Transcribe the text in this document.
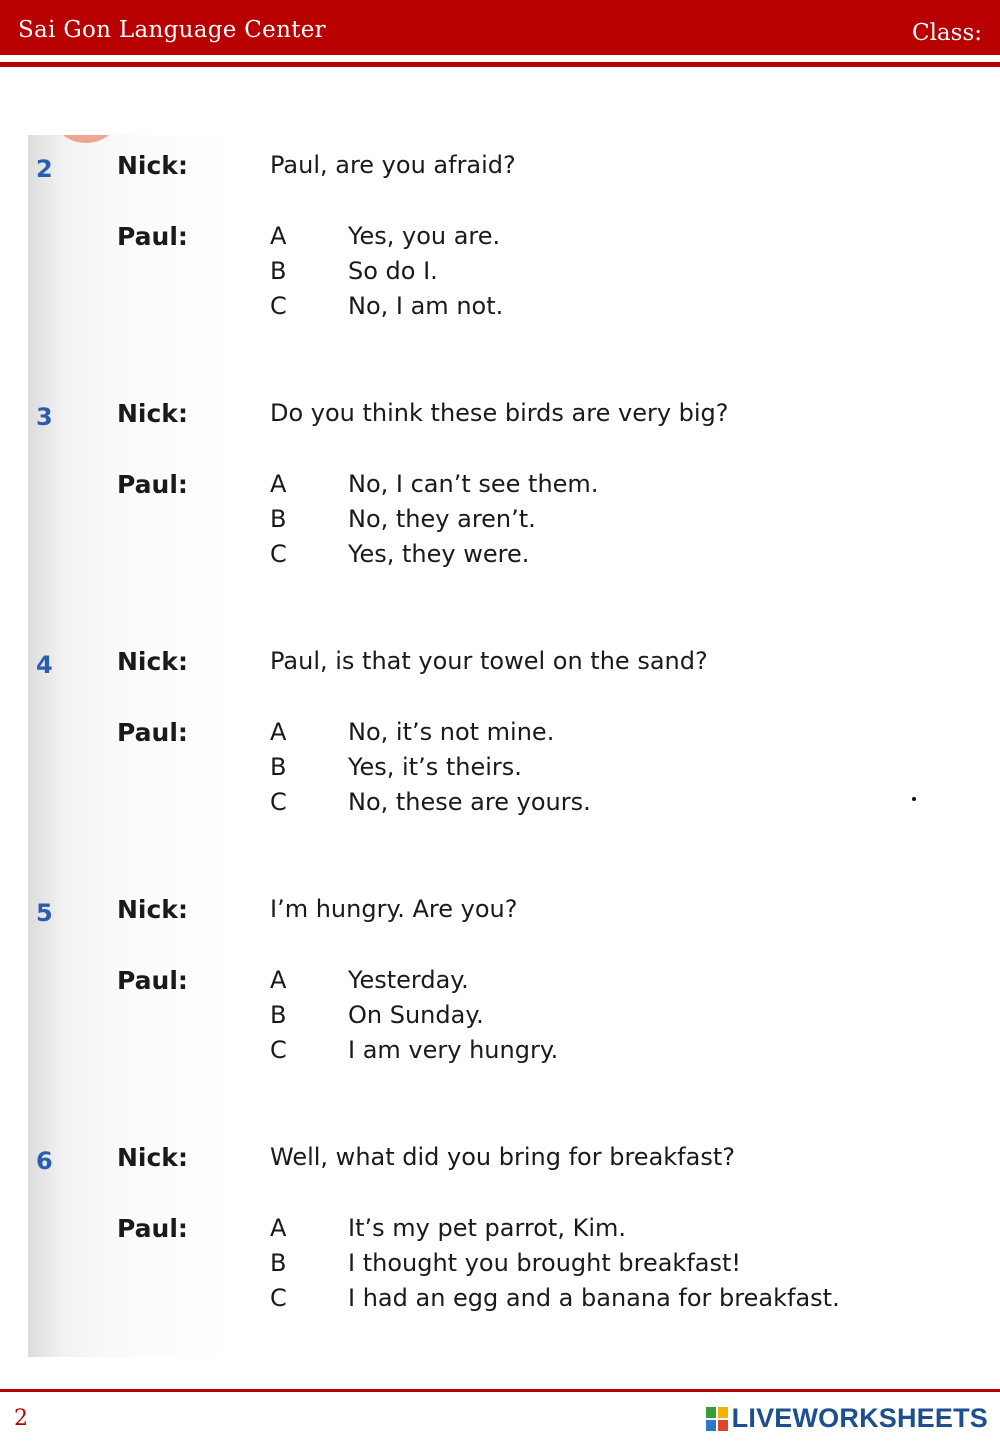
Sai Gon Language Center	Class:
2	Nick:	Paul, are you afraid?
Paul:	A	Yes, you are.
B	So do I.
C	No, I am not.
3	Nick:	Do you think these birds are very big?
Paul:	A	No, I can’t see them.
B	No, they aren’t.
C	Yes, they were.
4	Nick:	Paul, is that your towel on the sand?
Paul:	A	No, it’s not mine.
B	Yes, it’s theirs.
C	No, these are yours.
5	Nick:	I’m hungry. Are you?
Paul:	A	Yesterday.
B	On Sunday.
C	I am very hungry.
6	Nick:	Well, what did you bring for breakfast?
Paul:	A	It’s my pet parrot, Kim.
B	I thought you brought breakfast!
C	I had an egg and a banana for breakfast.
2	LIVEWORKSHEETS
